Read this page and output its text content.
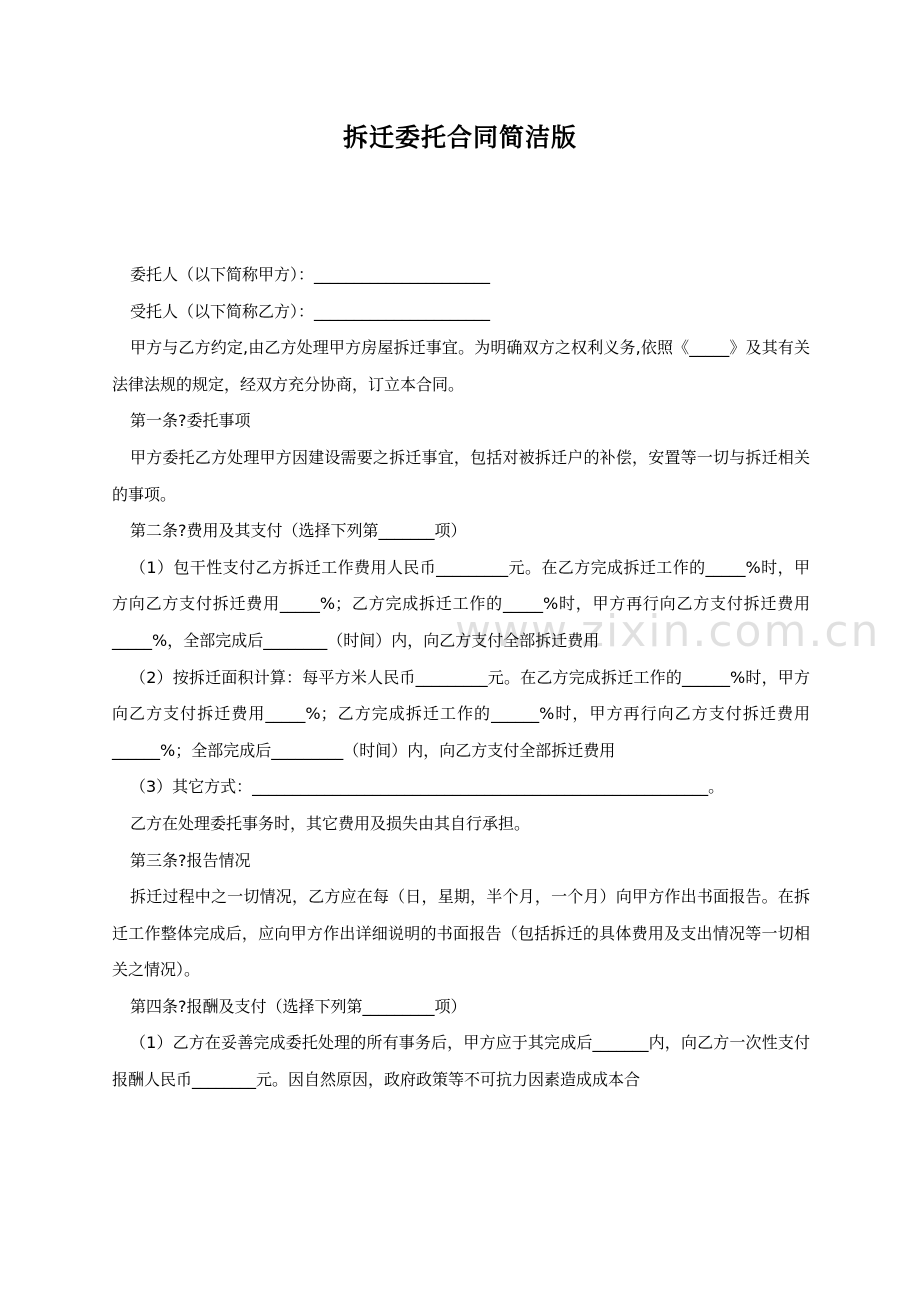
拆迁委托合同简洁版

委托人（以下简称甲方）：______________________

受托人（以下简称乙方）：______________________

甲方与乙方约定,由乙方处理甲方房屋拆迁事宜。为明确双方之权利义务,依照《_____》及其有关法律法规的规定，经双方充分协商，订立本合同。

第一条?委托事项

甲方委托乙方处理甲方因建设需要之拆迁事宜，包括对被拆迁户的补偿，安置等一切与拆迁相关的事项。

第二条?费用及其支付（选择下列第_______项）

（1）包干性支付乙方拆迁工作费用人民币_________元。在乙方完成拆迁工作的_____%时，甲方向乙方支付拆迁费用_____%；乙方完成拆迁工作的_____%时，甲方再行向乙方支付拆迁费用_____%，全部完成后________（时间）内，向乙方支付全部拆迁费用

（2）按拆迁面积计算：每平方米人民币_________元。在乙方完成拆迁工作的______%时，甲方向乙方支付拆迁费用_____%；乙方完成拆迁工作的______%时，甲方再行向乙方支付拆迁费用______%；全部完成后_________（时间）内，向乙方支付全部拆迁费用

（3）其它方式：_________________________________________________________。

乙方在处理委托事务时，其它费用及损失由其自行承担。

第三条?报告情况

拆迁过程中之一切情况，乙方应在每（日，星期，半个月，一个月）向甲方作出书面报告。在拆迁工作整体完成后，应向甲方作出详细说明的书面报告（包括拆迁的具体费用及支出情况等一切相关之情况）。

第四条?报酬及支付（选择下列第_________项）

（1）乙方在妥善完成委托处理的所有事务后，甲方应于其完成后_______内，向乙方一次性支付报酬人民币________元。因自然原因，政府政策等不可抗力因素造成成本合

www.zixin.com.cn
